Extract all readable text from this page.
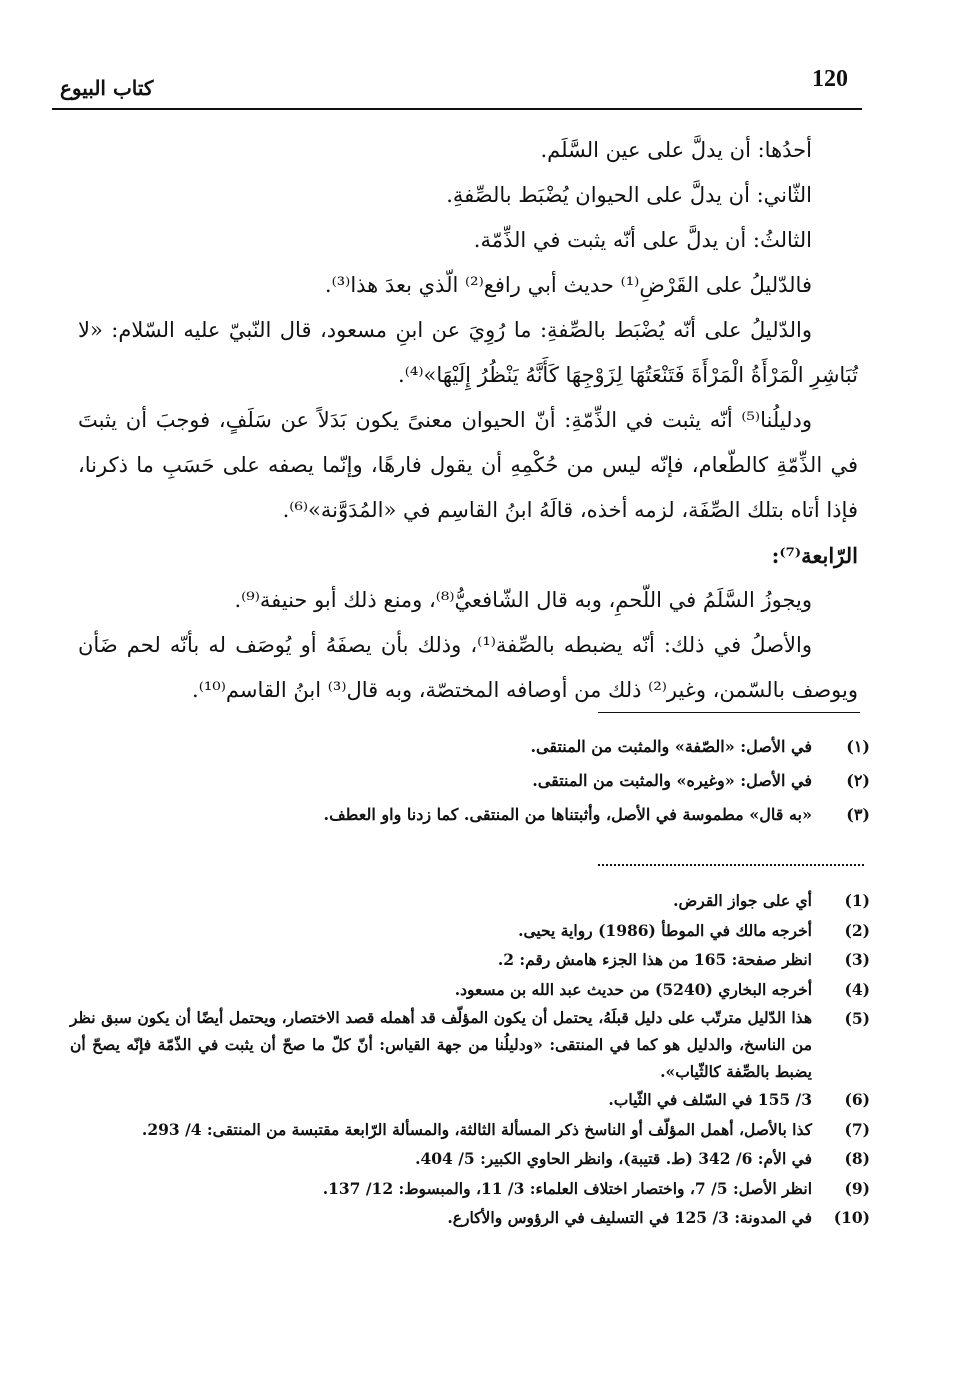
120
كتاب البيوع

أحدُها: أن يدلَّ على عين السَّلَم.

الثّاني: أن يدلَّ على الحيوان يُضْبَط بالصِّفةِ.

الثالثُ: أن يدلَّ على أنّه يثبت في الذِّمّة.

فالدّليلُ على القَرْضِ⁽¹⁾ حديث أبي رافع⁽²⁾ الّذي بعدَ هذا⁽³⁾.

والدّليلُ على أنّه يُضْبَط بالصِّفةِ: ما رُوِيَ عن ابنِ مسعود، قال النّبيّ عليه السّلام: «لا تُبَاشِرِ الْمَرْأَةُ الْمَرْأَةَ فَتَنْعَتُهَا لِزَوْجِهَا كَأَنَّهُ يَنْظُرُ إِلَيْهَا»⁽⁴⁾.

ودليلُنا⁽⁵⁾ أنّه يثبت في الذِّمّةِ: أنّ الحيوان معنىً يكون بَدَلاً عن سَلَفٍ، فوجبَ أن يثبتَ في الذِّمّةِ كالطّعام، فإنّه ليس من حُكْمِهِ أن يقول فارهًا، وإنّما يصفه على حَسَبِ ما ذكرنا، فإذا أتاه بتلك الصِّفَة، لزمه أخذه، قالَهُ ابنُ القاسِم في «المُدَوَّنة»⁽⁶⁾.

الرّابعة⁽⁷⁾:

ويجوزُ السَّلَمُ في اللّحمِ، وبه قال الشّافعيُّ⁽⁸⁾، ومنع ذلك أبو حنيفة⁽⁹⁾.

والأصلُ في ذلك: أنّه يضبطه بالصِّفة⁽¹⁾، وذلك بأن يصفَهُ أو يُوصَف له بأنّه لحم ضَأن ويوصف بالسّمن، وغير⁽²⁾ ذلك من أوصافه المختصّة، وبه قال⁽³⁾ ابنُ القاسم⁽¹⁰⁾.

(١)
في الأصل: «الصّفة» والمثبت من المنتقى.
(٢)
في الأصل: «وغيره» والمثبت من المنتقى.
(٣)
«به قال» مطموسة في الأصل، وأثبتناها من المنتقى. كما زدنا واو العطف.
(1)
أي على جواز القرض.
(2)
أخرجه مالك في الموطأ (1986) رواية يحيى.
(3)
انظر صفحة: 165 من هذا الجزء هامش رقم: 2.
(4)
أخرجه البخاري (5240) من حديث عبد الله بن مسعود.
(5)
هذا الدّليل مترتّب على دليل قبلَهُ، يحتمل أن يكون المؤلّف قد أهمله قصد الاختصار، ويحتمل أيضًا أن يكون سبق نظر من الناسخ، والدليل هو كما في المنتقى: «ودليلُنا من جهة القياس: أنّ كلّ ما صحّ أن يثبت في الذّمّة فإنّه يصحّ أن يضبط بالصِّفة كالثّياب».
(6)
3/ 155 في السّلف في الثّياب.
(7)
كذا بالأصل، أهمل المؤلّف أو الناسخ ذكر المسألة الثالثة، والمسألة الرّابعة مقتبسة من المنتقى: 4/ 293.
(8)
في الأم: 6/ 342 (ط. قتيبة)، وانظر الحاوي الكبير: 5/ 404.
(9)
انظر الأصل: 5/ 7، واختصار اختلاف العلماء: 3/ 11، والمبسوط: 12/ 137.
(10)
في المدونة: 3/ 125 في التسليف في الرؤوس والأكارع.
